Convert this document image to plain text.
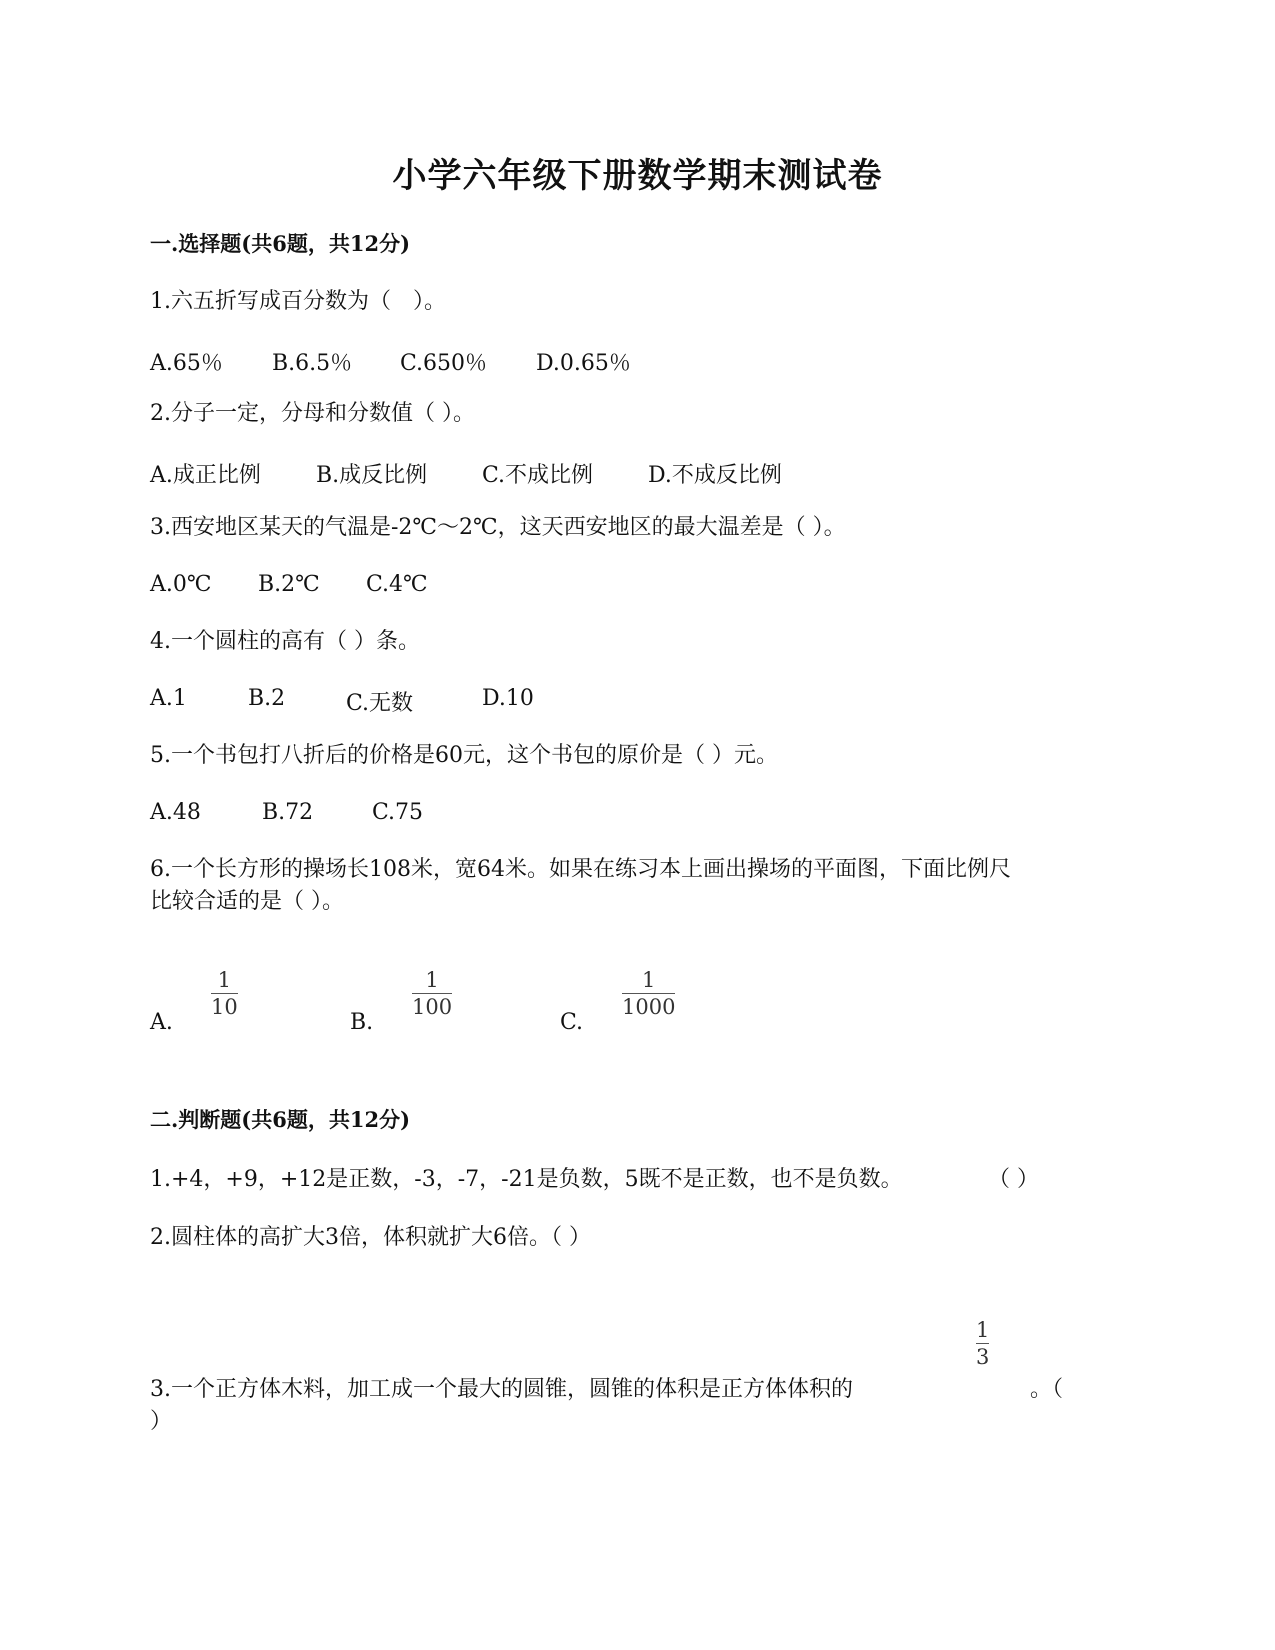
小学六年级下册数学期末测试卷
一.选择题(共6题，共12分)
1.六五折写成百分数为（　）。
A.65％ B.6.5％ C.650％ D.0.65％
2.分子一定，分母和分数值（ ）。
A.成正比例	B.成反比例 C.不成比例 D.不成反比例
3.西安地区某天的气温是-2℃～2℃，这天西安地区的最大温差是（ ）。
A.0℃ B.2℃ C.4℃
4.一个圆柱的高有（ ）条。
A.1	B.2	C.无数	D.10
5.一个书包打八折后的价格是60元，这个书包的原价是（ ）元。
A.48	B.72	C.75
6.一个长方形的操场长108米，宽64米。如果在练习本上画出操场的平面图，下面比例尺
比较合适的是（ ）。
A.
1
10
B.
1
100
C.
1
1000
二.判断题(共6题，共12分)
1.+4，+9，+12是正数，-3，-7，-21是负数，5既不是正数，也不是负数。	（ ）
2.圆柱体的高扩大3倍，体积就扩大6倍。（ ）
3.一个正方体木料，加工成一个最大的圆锥，圆锥的体积是正方体体积的
1
3
。（
）
